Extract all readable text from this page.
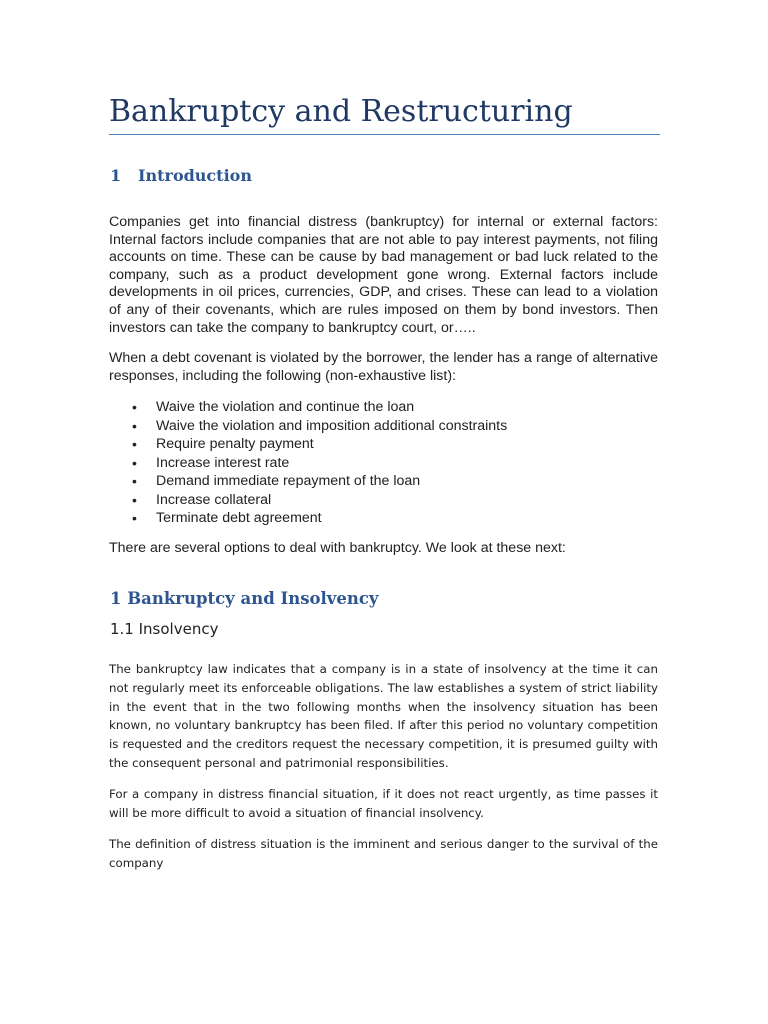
Bankruptcy and Restructuring
1 Introduction

Companies get into financial distress (bankruptcy) for internal or external factors: Internal factors include companies that are not able to pay interest payments, not filing accounts on time. These can be cause by bad management or bad luck related to the company, such as a product development gone wrong. External factors include developments in oil prices, currencies, GDP, and crises. These can lead to a violation of any of their covenants, which are rules imposed on them by bond investors. Then investors can take the company to bankruptcy court, or…..

When a debt covenant is violated by the borrower, the lender has a range of alternative responses, including the following (non-exhaustive list):

• Waive the violation and continue the loan
• Waive the violation and imposition additional constraints
• Require penalty payment
• Increase interest rate
• Demand immediate repayment of the loan
• Increase collateral
• Terminate debt agreement

There are several options to deal with bankruptcy. We look at these next:

1 Bankruptcy and Insolvency
1.1 Insolvency

The bankruptcy law indicates that a company is in a state of insolvency at the time it can not regularly meet its enforceable obligations. The law establishes a system of strict liability in the event that in the two following months when the insolvency situation has been known, no voluntary bankruptcy has been filed. If after this period no voluntary competition is requested and the creditors request the necessary competition, it is presumed guilty with the consequent personal and patrimonial responsibilities.

For a company in distress financial situation, if it does not react urgently, as time passes it will be more difficult to avoid a situation of financial insolvency.

The definition of distress situation is the imminent and serious danger to the survival of the company
